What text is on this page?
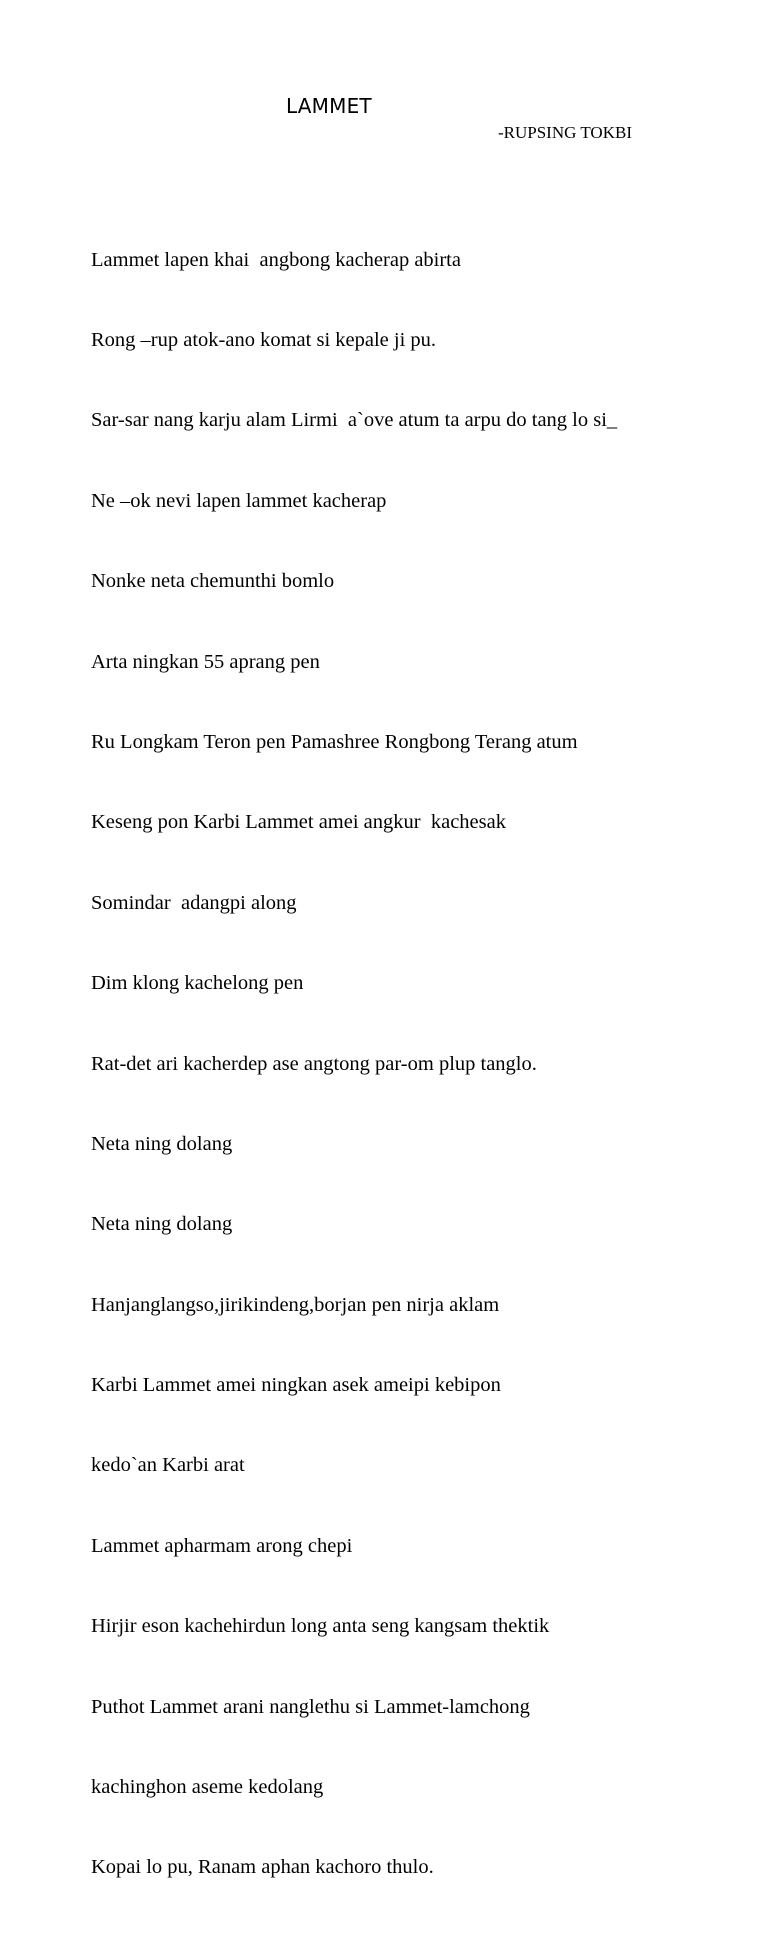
LAMMET
-RUPSING TOKBI

Lammet lapen khai  angbong kacherap abirta

Rong –rup atok-ano komat si kepale ji pu.

Sar-sar nang karju alam Lirmi  a`ove atum ta arpu do tang lo si_

Ne –ok nevi lapen lammet kacherap

Nonke neta chemunthi bomlo

Arta ningkan 55 aprang pen

Ru Longkam Teron pen Pamashree Rongbong Terang atum

Keseng pon Karbi Lammet amei angkur  kachesak

Somindar  adangpi along

Dim klong kachelong pen

Rat-det ari kacherdep ase angtong par-om plup tanglo.

Neta ning dolang

Neta ning dolang

Hanjanglangso,jirikindeng,borjan pen nirja aklam

Karbi Lammet amei ningkan asek ameipi kebipon

kedo`an Karbi arat

Lammet apharmam arong chepi

Hirjir eson kachehirdun long anta seng kangsam thektik

Puthot Lammet arani nanglethu si Lammet-lamchong

kachinghon aseme kedolang

Kopai lo pu, Ranam aphan kachoro thulo.
